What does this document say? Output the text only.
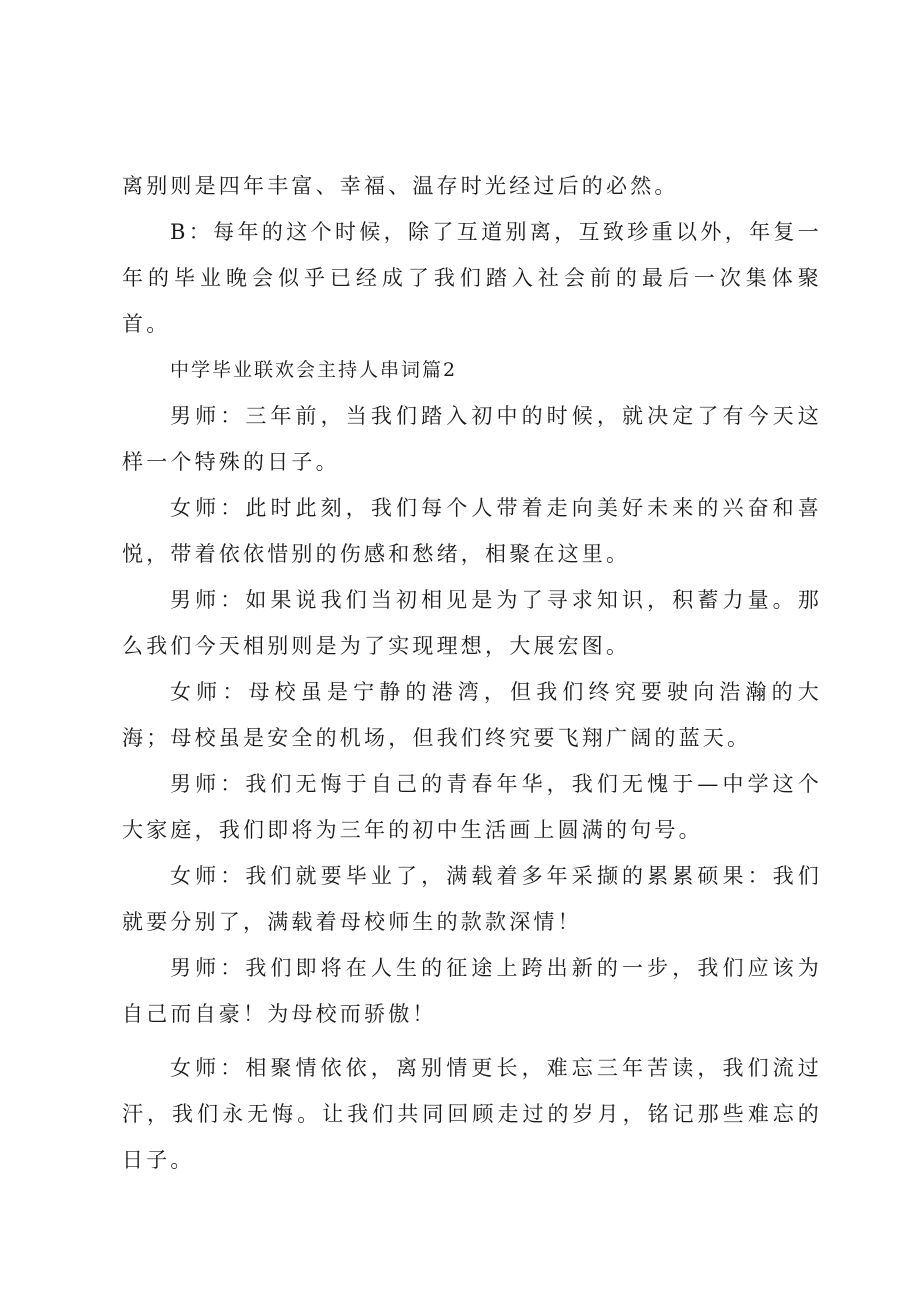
离别则是四年丰富、幸福、温存时光经过后的必然。

B：每年的这个时候，除了互道别离，互致珍重以外，年复一年的毕业晚会似乎已经成了我们踏入社会前的最后一次集体聚首。

中学毕业联欢会主持人串词篇2

男师：三年前，当我们踏入初中的时候，就决定了有今天这样一个特殊的日子。

女师：此时此刻，我们每个人带着走向美好未来的兴奋和喜悦，带着依依惜别的伤感和愁绪，相聚在这里。

男师：如果说我们当初相见是为了寻求知识，积蓄力量。那么我们今天相别则是为了实现理想，大展宏图。

女师：母校虽是宁静的港湾，但我们终究要驶向浩瀚的大海；母校虽是安全的机场，但我们终究要飞翔广阔的蓝天。

男师：我们无悔于自己的青春年华，我们无愧于—中学这个大家庭，我们即将为三年的初中生活画上圆满的句号。

女师：我们就要毕业了，满载着多年采撷的累累硕果：我们就要分别了，满载着母校师生的款款深情！

男师：我们即将在人生的征途上跨出新的一步，我们应该为自己而自豪！为母校而骄傲！

女师：相聚情依依，离别情更长，难忘三年苦读，我们流过汗，我们永无悔。让我们共同回顾走过的岁月，铭记那些难忘的日子。
